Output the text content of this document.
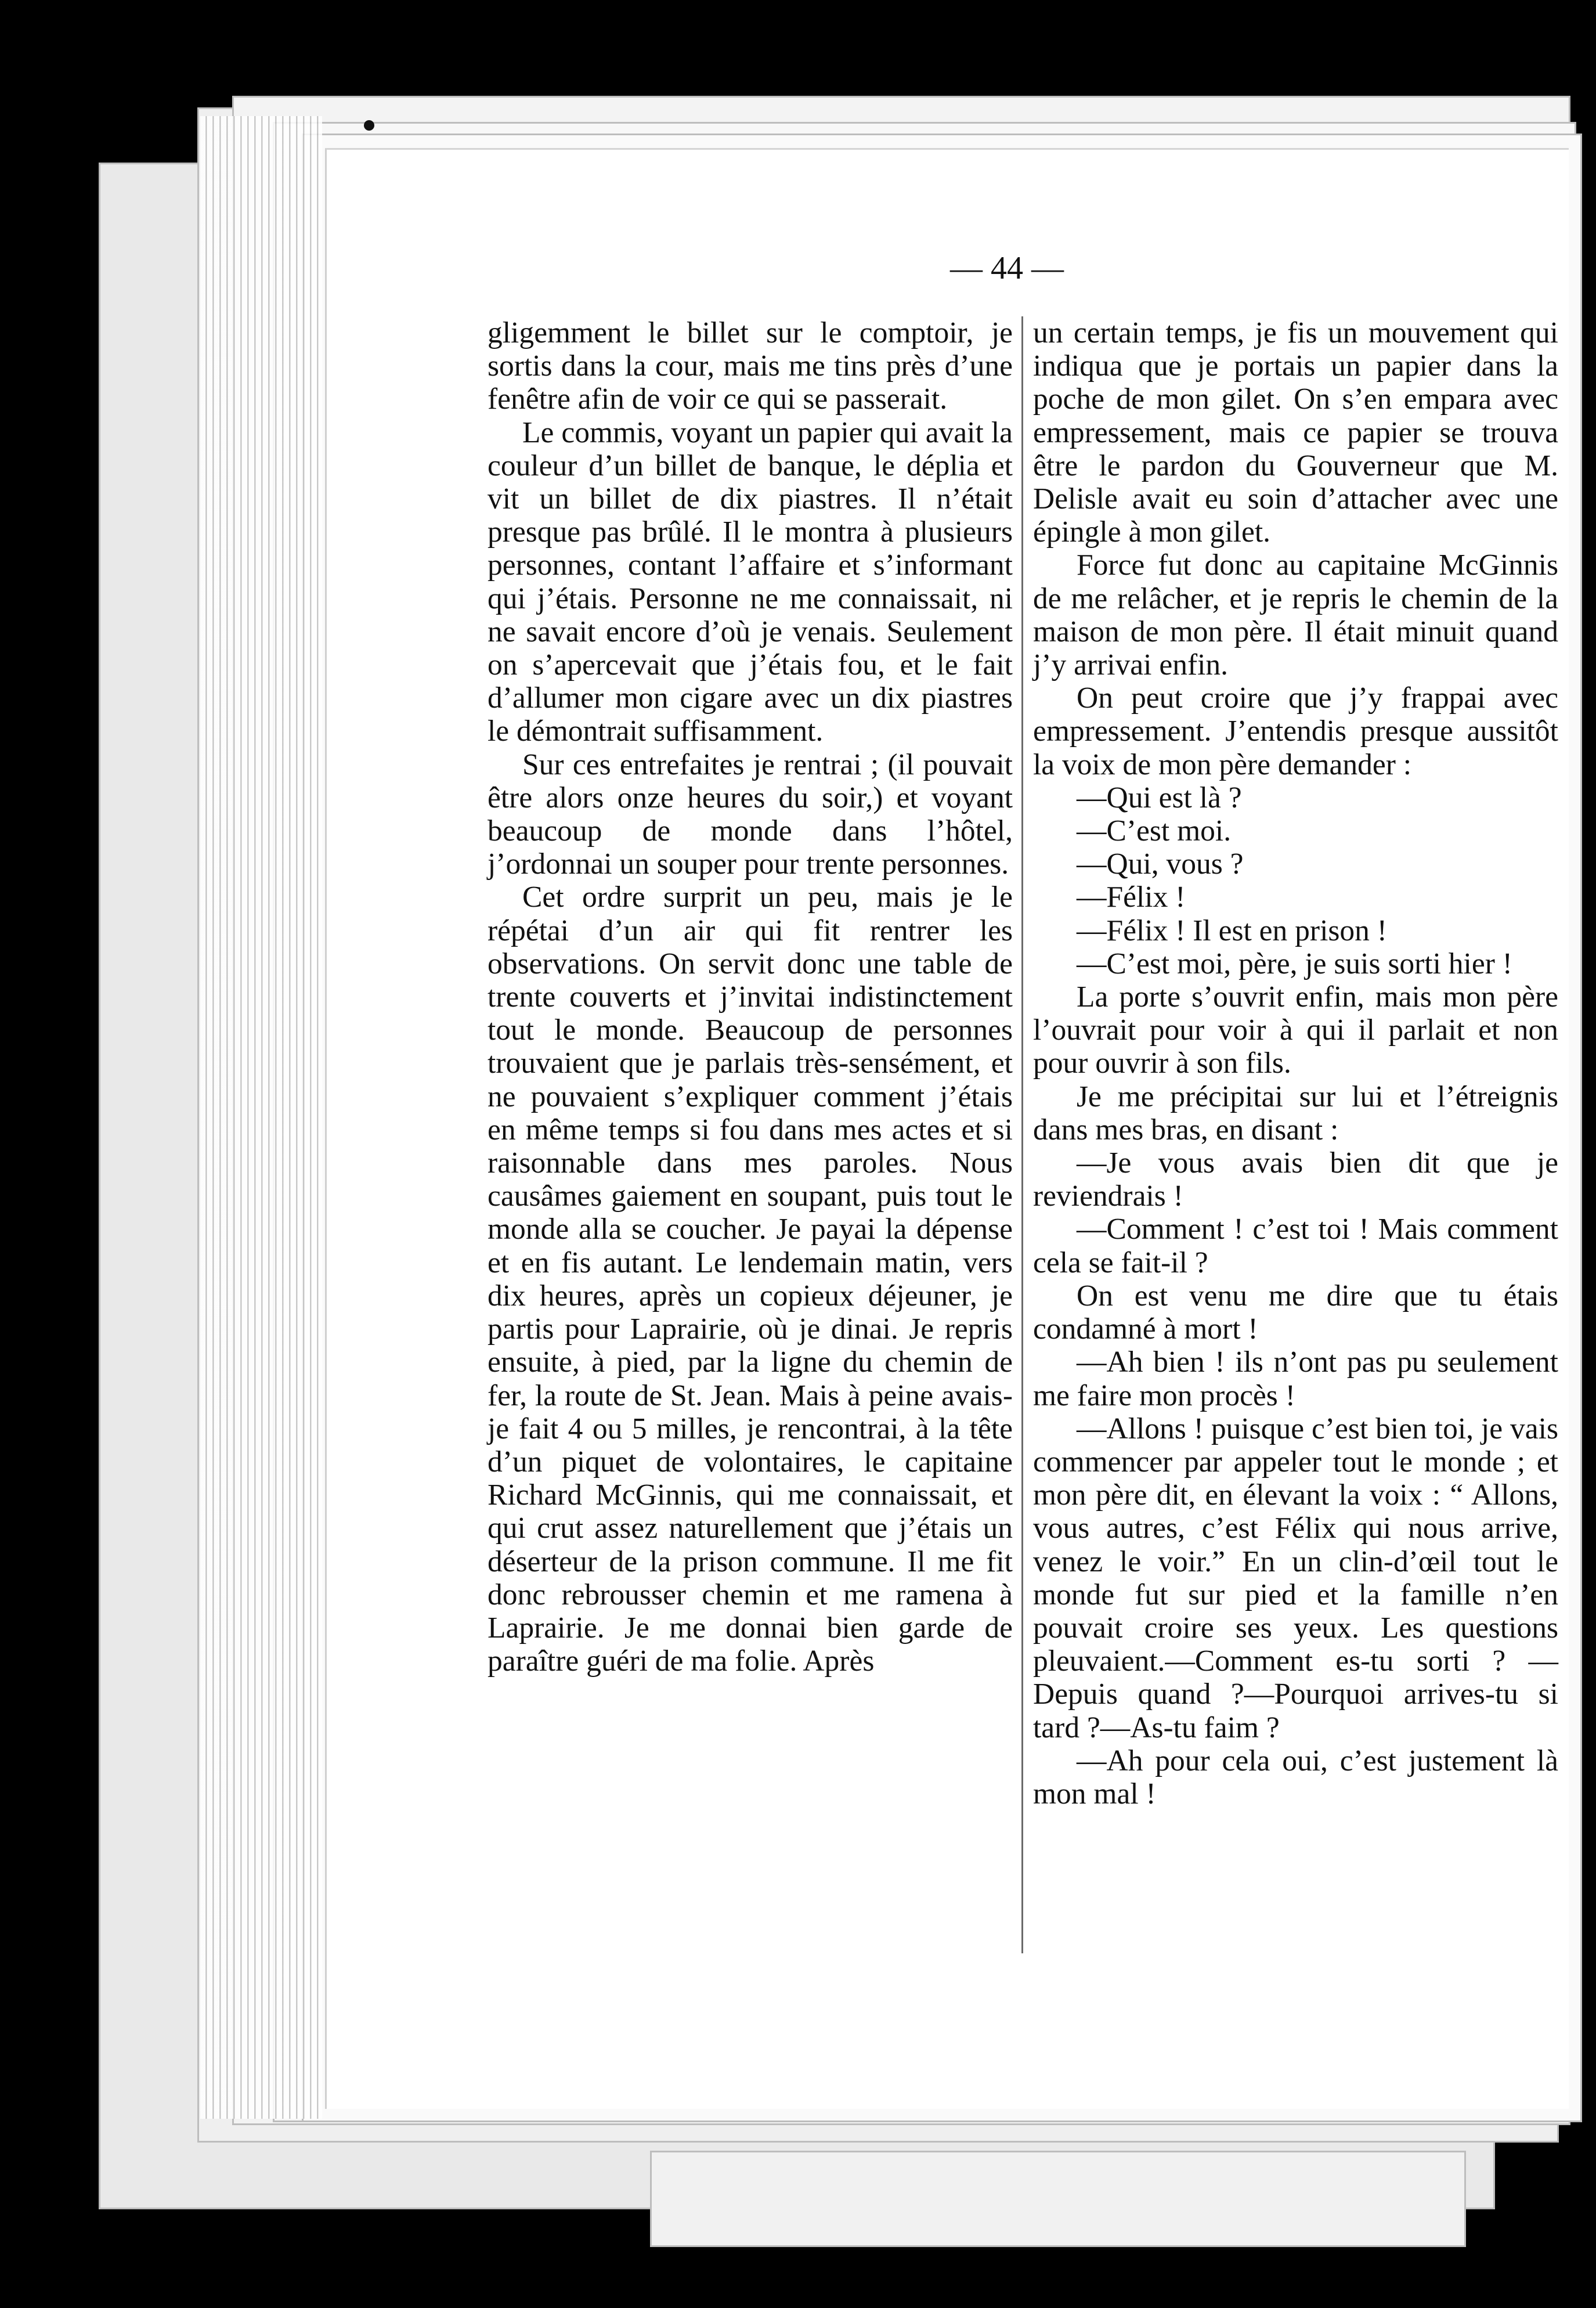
— 44 —

gligemment le billet sur le comptoir, je sortis dans la cour, mais me tins près d’une fenêtre afin de voir ce qui se passerait.

Le commis, voyant un papier qui avait la couleur d’un billet de banque, le déplia et vit un billet de dix piastres. Il n’était presque pas brûlé. Il le montra à plusieurs personnes, contant l’affaire et s’informant qui j’étais. Personne ne me connaissait, ni ne savait encore d’où je venais. Seulement on s’apercevait que j’étais fou, et le fait d’allumer mon cigare avec un dix piastres le démontrait suffisamment.

Sur ces entrefaites je rentrai ; (il pouvait être alors onze heures du soir,) et voyant beaucoup de monde dans l’hôtel, j’ordonnai un souper pour trente personnes.

Cet ordre surprit un peu, mais je le répétai d’un air qui fit rentrer les observations. On servit donc une table de trente couverts et j’invitai indistinctement tout le monde. Beaucoup de personnes trouvaient que je parlais très-sensément, et ne pouvaient s’expliquer comment j’étais en même temps si fou dans mes actes et si raisonnable dans mes paroles. Nous causâmes gaiement en soupant, puis tout le monde alla se coucher. Je payai la dépense et en fis autant. Le lendemain matin, vers dix heures, après un copieux déjeuner, je partis pour Laprairie, où je dinai. Je repris ensuite, à pied, par la ligne du chemin de fer, la route de St. Jean. Mais à peine avais-je fait 4 ou 5 milles, je rencontrai, à la tête d’un piquet de volontaires, le capitaine Richard McGinnis, qui me connaissait, et qui crut assez naturellement que j’étais un déserteur de la prison commune. Il me fit donc rebrousser chemin et me ramena à Laprairie. Je me donnai bien garde de paraître guéri de ma folie. Après

un certain temps, je fis un mouvement qui indiqua que je portais un papier dans la poche de mon gilet. On s’en empara avec empressement, mais ce papier se trouva être le pardon du Gouverneur que M. Delisle avait eu soin d’attacher avec une épingle à mon gilet.

Force fut donc au capitaine McGinnis de me relâcher, et je repris le chemin de la maison de mon père. Il était minuit quand j’y arrivai enfin.

On peut croire que j’y frappai avec empressement. J’entendis presque aussitôt la voix de mon père demander :

—Qui est là ?

—C’est moi.

—Qui, vous ?

—Félix !

—Félix ! Il est en prison !

—C’est moi, père, je suis sorti hier !

La porte s’ouvrit enfin, mais mon père l’ouvrait pour voir à qui il parlait et non pour ouvrir à son fils.

Je me précipitai sur lui et l’étreignis dans mes bras, en disant :

—Je vous avais bien dit que je reviendrais !

—Comment ! c’est toi ! Mais comment cela se fait-il ?

On est venu me dire que tu étais condamné à mort !

—Ah bien ! ils n’ont pas pu seulement me faire mon procès !

—Allons ! puisque c’est bien toi, je vais commencer par appeler tout le monde ; et mon père dit, en élevant la voix : “ Allons, vous autres, c’est Félix qui nous arrive, venez le voir.” En un clin-d’œil tout le monde fut sur pied et la famille n’en pouvait croire ses yeux. Les questions pleuvaient.—Comment es-tu sorti ? —Depuis quand ?—Pourquoi arrives-tu si tard ?—As-tu faim ?

—Ah pour cela oui, c’est justement là mon mal !
